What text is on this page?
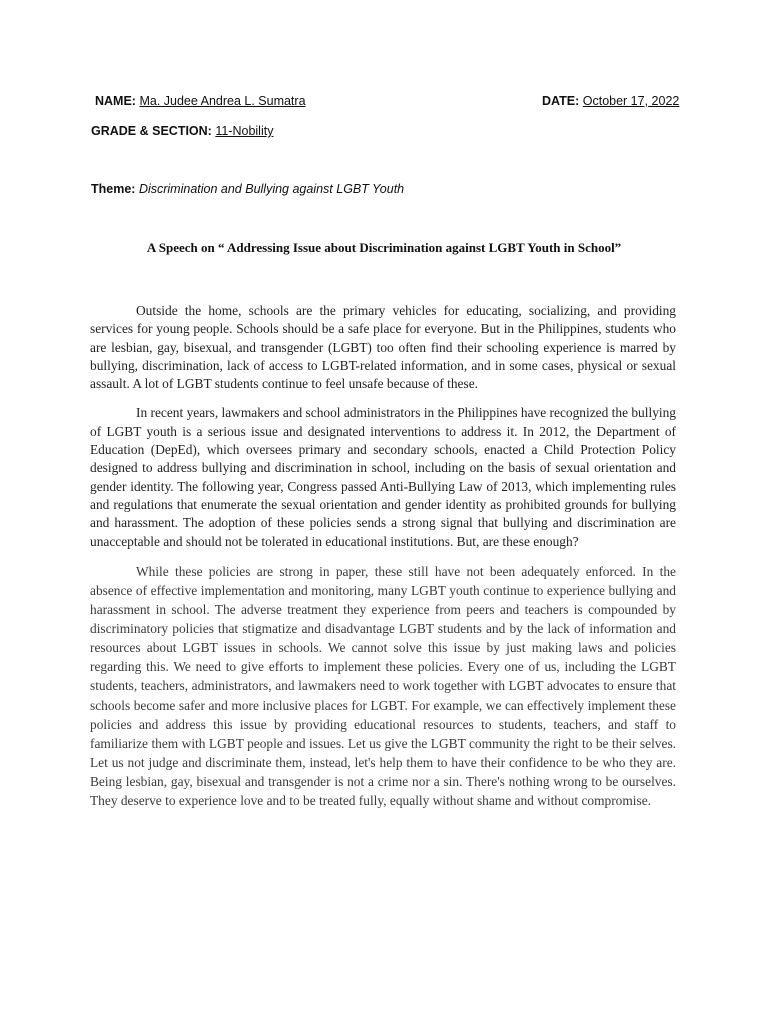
NAME: Ma. Judee Andrea L. Sumatra	DATE: October 17, 2022
GRADE & SECTION: 11-Nobility
Theme: Discrimination and Bullying against LGBT Youth
A Speech on “ Addressing Issue about Discrimination against LGBT Youth in School”

Outside the home, schools are the primary vehicles for educating, socializing, and providing services for young people. Schools should be a safe place for everyone. But in the Philippines, students who are lesbian, gay, bisexual, and transgender (LGBT) too often find their schooling experience is marred by bullying, discrimination, lack of access to LGBT-related information, and in some cases, physical or sexual assault. A lot of LGBT students continue to feel unsafe because of these.

In recent years, lawmakers and school administrators in the Philippines have recognized the bullying of LGBT youth is a serious issue and designated interventions to address it. In 2012, the Department of Education (DepEd), which oversees primary and secondary schools, enacted a Child Protection Policy designed to address bullying and discrimination in school, including on the basis of sexual orientation and gender identity. The following year, Congress passed Anti-Bullying Law of 2013, which implementing rules and regulations that enumerate the sexual orientation and gender identity as prohibited grounds for bullying and harassment. The adoption of these policies sends a strong signal that bullying and discrimination are unacceptable and should not be tolerated in educational institutions. But, are these enough?

While these policies are strong in paper, these still have not been adequately enforced. In the absence of effective implementation and monitoring, many LGBT youth continue to experience bullying and harassment in school. The adverse treatment they experience from peers and teachers is compounded by discriminatory policies that stigmatize and disadvantage LGBT students and by the lack of information and resources about LGBT issues in schools. We cannot solve this issue by just making laws and policies regarding this. We need to give efforts to implement these policies. Every one of us, including the LGBT students, teachers, administrators, and lawmakers need to work together with LGBT advocates to ensure that schools become safer and more inclusive places for LGBT. For example, we can effectively implement these policies and address this issue by providing educational resources to students, teachers, and staff to familiarize them with LGBT people and issues. Let us give the LGBT community the right to be their selves. Let us not judge and discriminate them, instead, let's help them to have their confidence to be who they are. Being lesbian, gay, bisexual and transgender is not a crime nor a sin. There's nothing wrong to be ourselves. They deserve to experience love and to be treated fully, equally without shame and without compromise.
